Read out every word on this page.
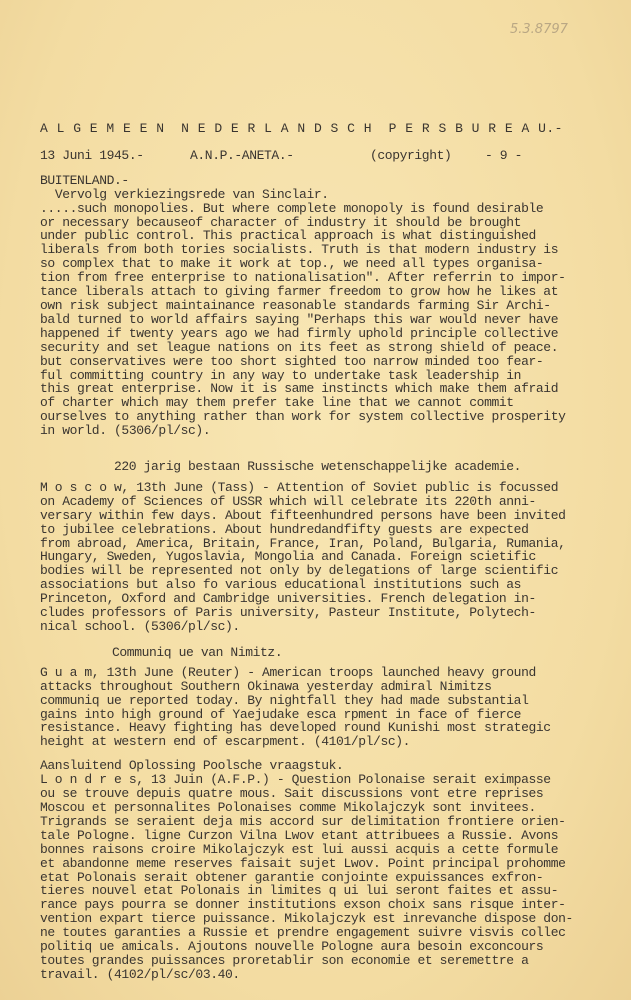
5.3.8797
A L G E M E E N  N E D E R L A N D S C H  P E R S B U R E A U.-
13 Juni 1945.-	A.N.P.-ANETA.-	(copyright)	- 9 -
BUITENLAND.-
Vervolg verkiezingsrede van Sinclair.
.....such monopolies. But where complete monopoly is found desirable
or necessary becauseof character of industry it should be brought
under public control. This practical approach is what distinguished
liberals from both tories socialists. Truth is that modern industry is
so complex that to make it work at top., we need all types organisa-
tion from free enterprise to nationalisation". After referrin to impor-
tance liberals attach to giving farmer freedom to grow how he likes at
own risk subject maintainance reasonable standards farming Sir Archi-
bald turned to world affairs saying "Perhaps this war would never have
happened if twenty years ago we had firmly uphold principle collective
security and set league nations on its feet as strong shield of peace.
but conservatives were too short sighted too narrow minded too fear-
ful committing country in any way to undertake task leadership in
this great enterprise. Now it is same instincts which make them afraid
of charter which may them prefer take line that we cannot commit
ourselves to anything rather than work for system collective prosperity
in world. (5306/pl/sc).
220 jarig bestaan Russische wetenschappelijke academie.
M o s c o w, 13th June (Tass) - Attention of Soviet public is focussed
on Academy of Sciences of USSR which will celebrate its 220th anni-
versary within few days. About fifteenhundred persons have been invited
to jubilee celebrations. About hundredandfifty guests are expected
from abroad, America, Britain, France, Iran, Poland, Bulgaria, Rumania,
Hungary, Sweden, Yugoslavia, Mongolia and Canada. Foreign scietific
bodies will be represented not only by delegations of large scientific
associations but also fo various educational institutions such as
Princeton, Oxford and Cambridge universities. French delegation in-
cludes professors of Paris university, Pasteur Institute, Polytech-
nical school. (5306/pl/sc).
Communiq ue van Nimitz.
G u a m, 13th June (Reuter) - American troops launched heavy ground
attacks throughout Southern Okinawa yesterday admiral Nimitzs
communiq ue reported today. By nightfall they had made substantial
gains into high ground of Yaejudake esca rpment in face of fierce
resistance. Heavy fighting has developed round Kunishi most strategic
height at western end of escarpment. (4101/pl/sc).
Aansluitend Oplossing Poolsche vraagstuk.
L o n d r e s, 13 Juin (A.F.P.) - Question Polonaise serait eximpasse
ou se trouve depuis quatre mous. Sait discussions vont etre reprises
Moscou et personnalites Polonaises comme Mikolajczyk sont invitees.
Trigrands se seraient deja mis accord sur delimitation frontiere orien-
tale Pologne. ligne Curzon Vilna Lwov etant attribuees a Russie. Avons
bonnes raisons croire Mikolajczyk est lui aussi acquis a cette formule
et abandonne meme reserves faisait sujet Lwov. Point principal prohomme
etat Polonais serait obtener garantie conjointe expuissances exfron-
tieres nouvel etat Polonais in limites q ui lui seront faites et assu-
rance pays pourra se donner institutions exson choix sans risque inter-
vention expart tierce puissance. Mikolajczyk est inrevanche dispose don-
ne toutes garanties a Russie et prendre engagement suivre visvis collec
politiq ue amicals. Ajoutons nouvelle Pologne aura besoin exconcours
toutes grandes puissances proretablir son economie et seremettre a
travail. (4102/pl/sc/03.40.
